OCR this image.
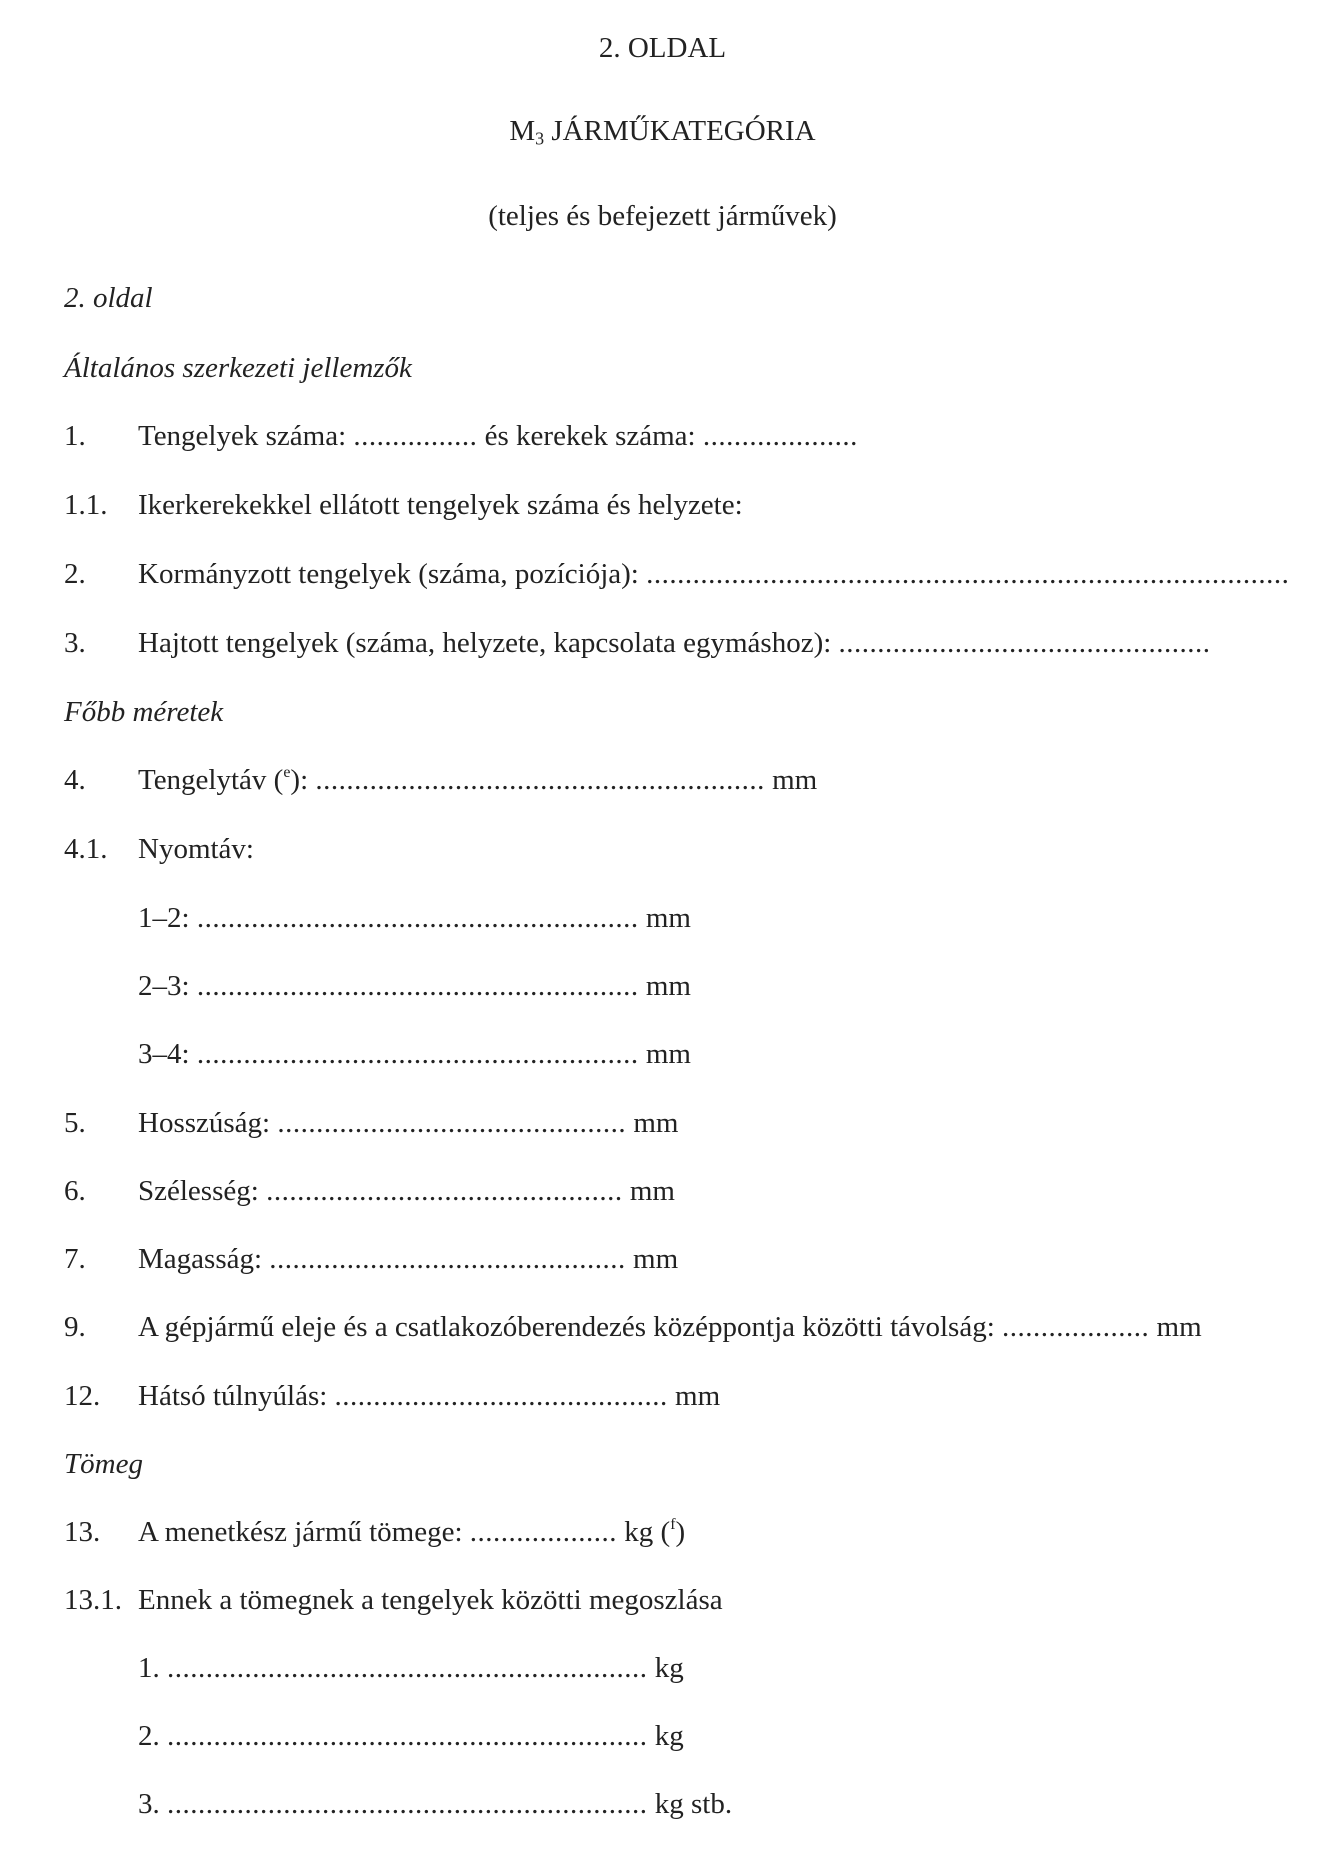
2. OLDAL
$M_3$ JÁRMŰKATEGÓRIA
(teljes és befejezett járművek)
2. oldal
Általános szerkezeti jellemzők
1. Tengelyek száma: ................ és kerekek száma: ....................
1.1. Ikerkerekekkel ellátott tengelyek száma és helyzete:
2. Kormányzott tengelyek (száma, pozíciója): ...................................................................................
3. Hajtott tengelyek (száma, helyzete, kapcsolata egymáshoz): ................................................
Főbb méretek
4. Tengelytáv ($^e$): .......................................................... mm
4.1. Nyomtáv:
1–2: ......................................................... mm
2–3: ......................................................... mm
3–4: ......................................................... mm
5. Hosszúság: ............................................. mm
6. Szélesség: .............................................. mm
7. Magasság: .............................................. mm
9. A gépjármű eleje és a csatlakozóberendezés középpontja közötti távolság: ................... mm
12. Hátsó túlnyúlás: ........................................... mm
Tömeg
13. A menetkész jármű tömege: ................... kg ($^f$)
13.1. Ennek a tömegnek a tengelyek közötti megoszlása
1. .............................................................. kg
2. .............................................................. kg
3. .............................................................. kg stb.
